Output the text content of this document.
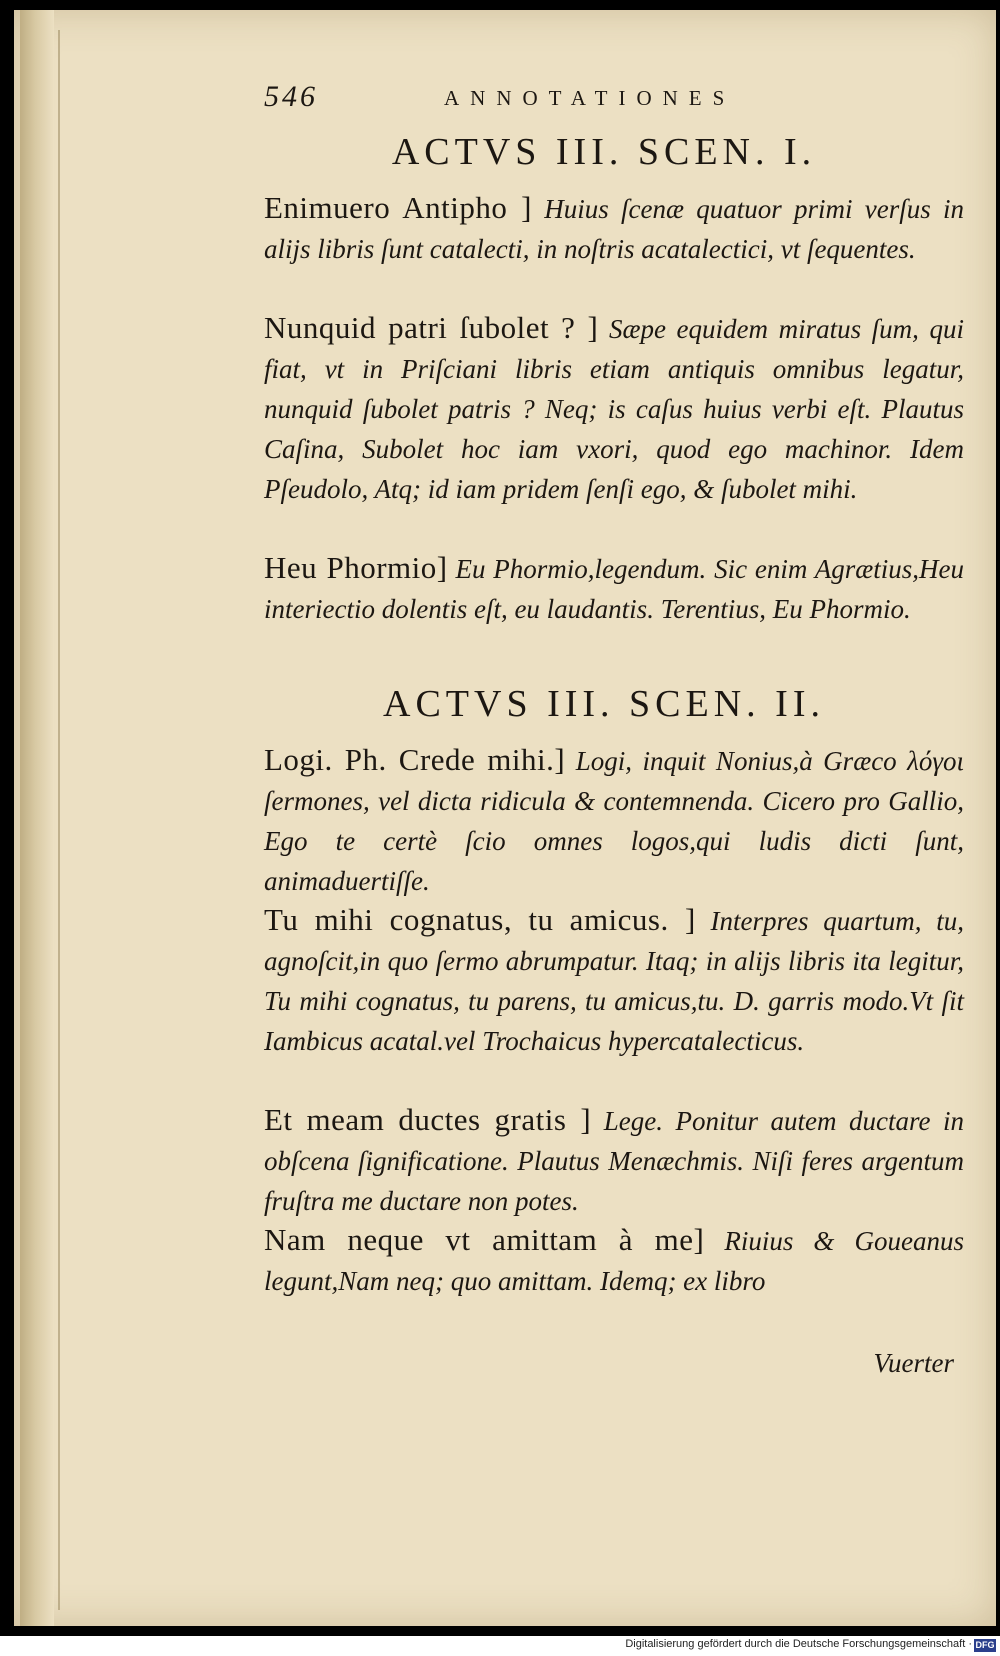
546	ANNOTATIONES
ACTVS III. SCEN. I.
Enimuero Antipho ] Huius ſcenæ quatuor primi verſus in alijs libris ſunt catalecti, in noſtris acatalectici, vt ſequentes.
Nunquid patri ſubolet ? ] Sæpe equidem miratus ſum, qui fiat, vt in Priſciani libris etiam antiquis omnibus legatur, nunquid ſubolet patris ? Neq; is caſus huius verbi eſt. Plautus Caſina, Subolet hoc iam vxori, quod ego machinor. Idem Pſeudolo, Atq; id iam pridem ſenſi ego, & ſubolet mihi.
Heu Phormio] Eu Phormio,legendum. Sic enim Agrætius,Heu interiectio dolentis eſt, eu laudantis. Terentius, Eu Phormio.
ACTVS III. SCEN. II.
Logi. Ph. Crede mihi.] Logi, inquit Nonius,à Græco λόγοι ſermones, vel dicta ridicula & contemnenda. Cicero pro Gallio, Ego te certè ſcio omnes logos,qui ludis dicti ſunt, animaduertiſſe.
Tu mihi cognatus, tu amicus. ] Interpres quartum, tu, agnoſcit,in quo ſermo abrumpatur. Itaq; in alijs libris ita legitur, Tu mihi cognatus, tu parens, tu amicus,tu. D. garris modo.Vt ſit Iambicus acatal.vel Trochaicus hypercatalecticus.
Et meam ductes gratis ] Lege. Ponitur autem ductare in obſcena ſignificatione. Plautus Menæchmis. Niſi feres argentum fruſtra me ductare non potes.
Nam neque vt amittam à me] Riuius & Goueanus legunt,Nam neq; quo amittam. Idemq; ex libro
Vuerter
Digitalisierung gefördert durch die Deutsche Forschungsgemeinschaft · DFG
